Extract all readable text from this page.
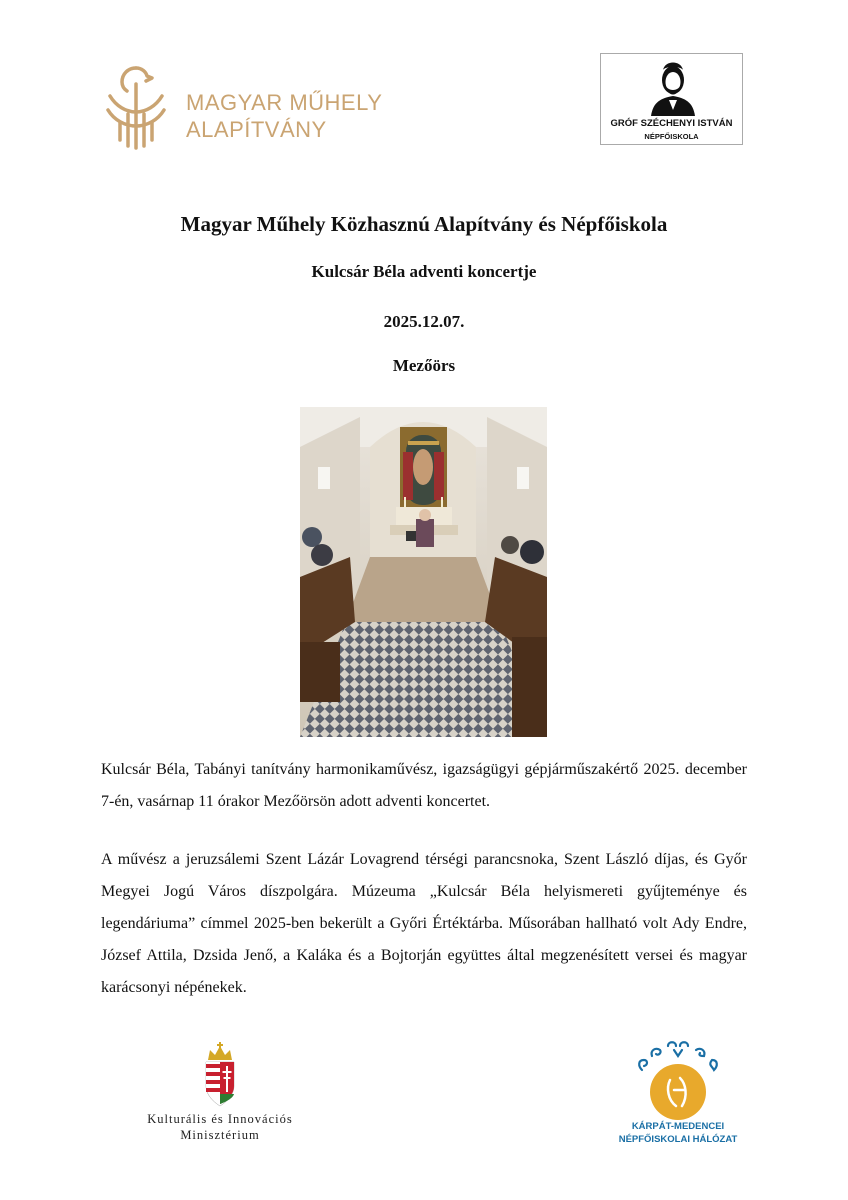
MAGYAR MŰHELY
ALAPÍTVÁNY	GRÓF SZÉCHENYI ISTVÁN
NÉPFŐISKOLA
Magyar Műhely Közhasznú Alapítvány és Népfőiskola
Kulcsár Béla adventi koncertje
2025.12.07.
Mezőörs
Kulcsár Béla, Tabányi tanítvány harmonikaművész, igazságügyi gépjárműszakértő 2025. december 7-én, vasárnap 11 órakor Mezőörsön adott adventi koncertet.
A művész a jeruzsálemi Szent Lázár Lovagrend térségi parancsnoka, Szent László díjas, és Győr Megyei Jogú Város díszpolgára. Múzeuma „Kulcsár Béla helyismereti gyűjteménye és legendáriuma” címmel 2025-ben bekerült a Győri Értéktárba. Műsorában hallható volt Ady Endre, József Attila, Dzsida Jenő, a Kaláka és a Bojtorján együttes által megzenésített versei és magyar karácsonyi népénekek.
Kulturális és Innovációs
Minisztérium
KÁRPÁT-MEDENCEI
NÉPFŐISKOLAI HÁLÓZAT
